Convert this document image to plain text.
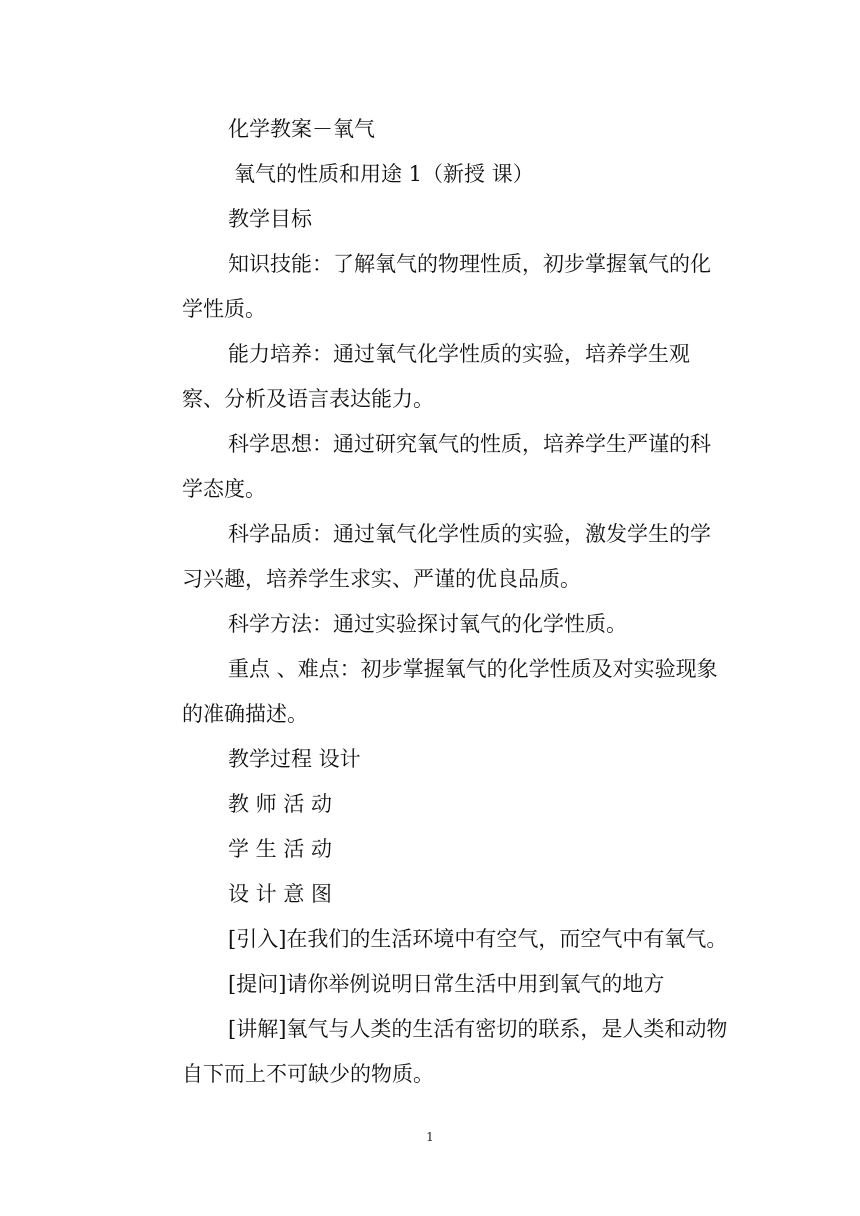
化学教案－氧气

氧气的性质和用途 1（新授 课）

教学目标

知识技能：了解氧气的物理性质，初步掌握氧气的化学性质。

能力培养：通过氧气化学性质的实验，培养学生观察、分析及语言表达能力。

科学思想：通过研究氧气的性质，培养学生严谨的科学态度。

科学品质：通过氧气化学性质的实验，激发学生的学习兴趣，培养学生求实、严谨的优良品质。

科学方法：通过实验探讨氧气的化学性质。

重点 、难点：初步掌握氧气的化学性质及对实验现象的准确描述。

教学过程 设计

教 师 活 动

学 生 活 动

设 计 意 图

[引入]在我们的生活环境中有空气，而空气中有氧气。

[提问]请你举例说明日常生活中用到氧气的地方

[讲解]氧气与人类的生活有密切的联系，是人类和动物自下而上不可缺少的物质。

1
